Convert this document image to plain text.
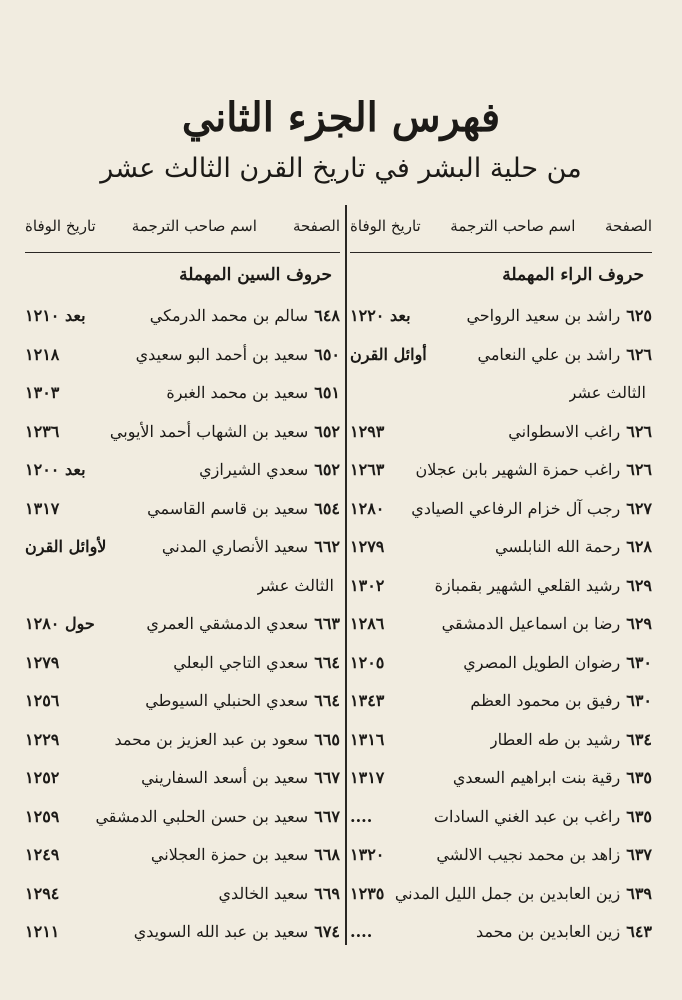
فهرس الجزء الثاني
من حلية البشر في تاريخ القرن الثالث عشر
الصفحة
اسم صاحب الترجمة
تاريخ الوفاة
حروف الراء المهملة
٦٢٥راشد بن سعيد الرواحي
بعد ١٢٢٠
٦٢٦راشد بن علي النعامي
أوائل القرن
الثالث عشر
٦٢٦راغب الاسطواني
١٢٩٣
٦٢٦راغب حمزة الشهير بابن عجلان
١٢٦٣
٦٢٧رجب آل خزام الرفاعي الصيادي
١٢٨٠
٦٢٨رحمة الله النابلسي
١٢٧٩
٦٢٩رشيد القلعي الشهير بقمبازة
١٣٠٢
٦٢٩رضا بن اسماعيل الدمشقي
١٢٨٦
٦٣٠رضوان الطويل المصري
١٢٠٥
٦٣٠رفيق بن محمود العظم
١٣٤٣
٦٣٤رشيد بن طه العطار
١٣١٦
٦٣٥رقية بنت ابراهيم السعدي
١٣١٧
٦٣٥راغب بن عبد الغني السادات
....
٦٣٧زاهد بن محمد نجيب الالشي
١٣٢٠
٦٣٩زين العابدين بن جمل الليل المدني
١٢٣٥
٦٤٣زين العابدين بن محمد
....
الصفحة
اسم صاحب الترجمة
تاريخ الوفاة
حروف السين المهملة
٦٤٨سالم بن محمد الدرمكي
بعد ١٢١٠
٦٥٠سعيد بن أحمد البو سعيدي
١٢١٨
٦٥١سعيد بن محمد الغبرة
١٣٠٣
٦٥٢سعيد بن الشهاب أحمد الأيوبي
١٢٣٦
٦٥٢سعدي الشيرازي
بعد ١٢٠٠
٦٥٤سعيد بن قاسم القاسمي
١٣١٧
٦٦٢سعيد الأنصاري المدني
لأوائل القرن
الثالث عشر
٦٦٣سعدي الدمشقي العمري
حول ١٢٨٠
٦٦٤سعدي التاجي البعلي
١٢٧٩
٦٦٤سعدي الحنبلي السيوطي
١٢٥٦
٦٦٥سعود بن عبد العزيز بن محمد
١٢٢٩
٦٦٧سعيد بن أسعد السفاريني
١٢٥٢
٦٦٧سعيد بن حسن الحلبي الدمشقي
١٢٥٩
٦٦٨سعيد بن حمزة العجلاني
١٢٤٩
٦٦٩سعيد الخالدي
١٢٩٤
٦٧٤سعيد بن عبد الله السويدي
١٢١١
